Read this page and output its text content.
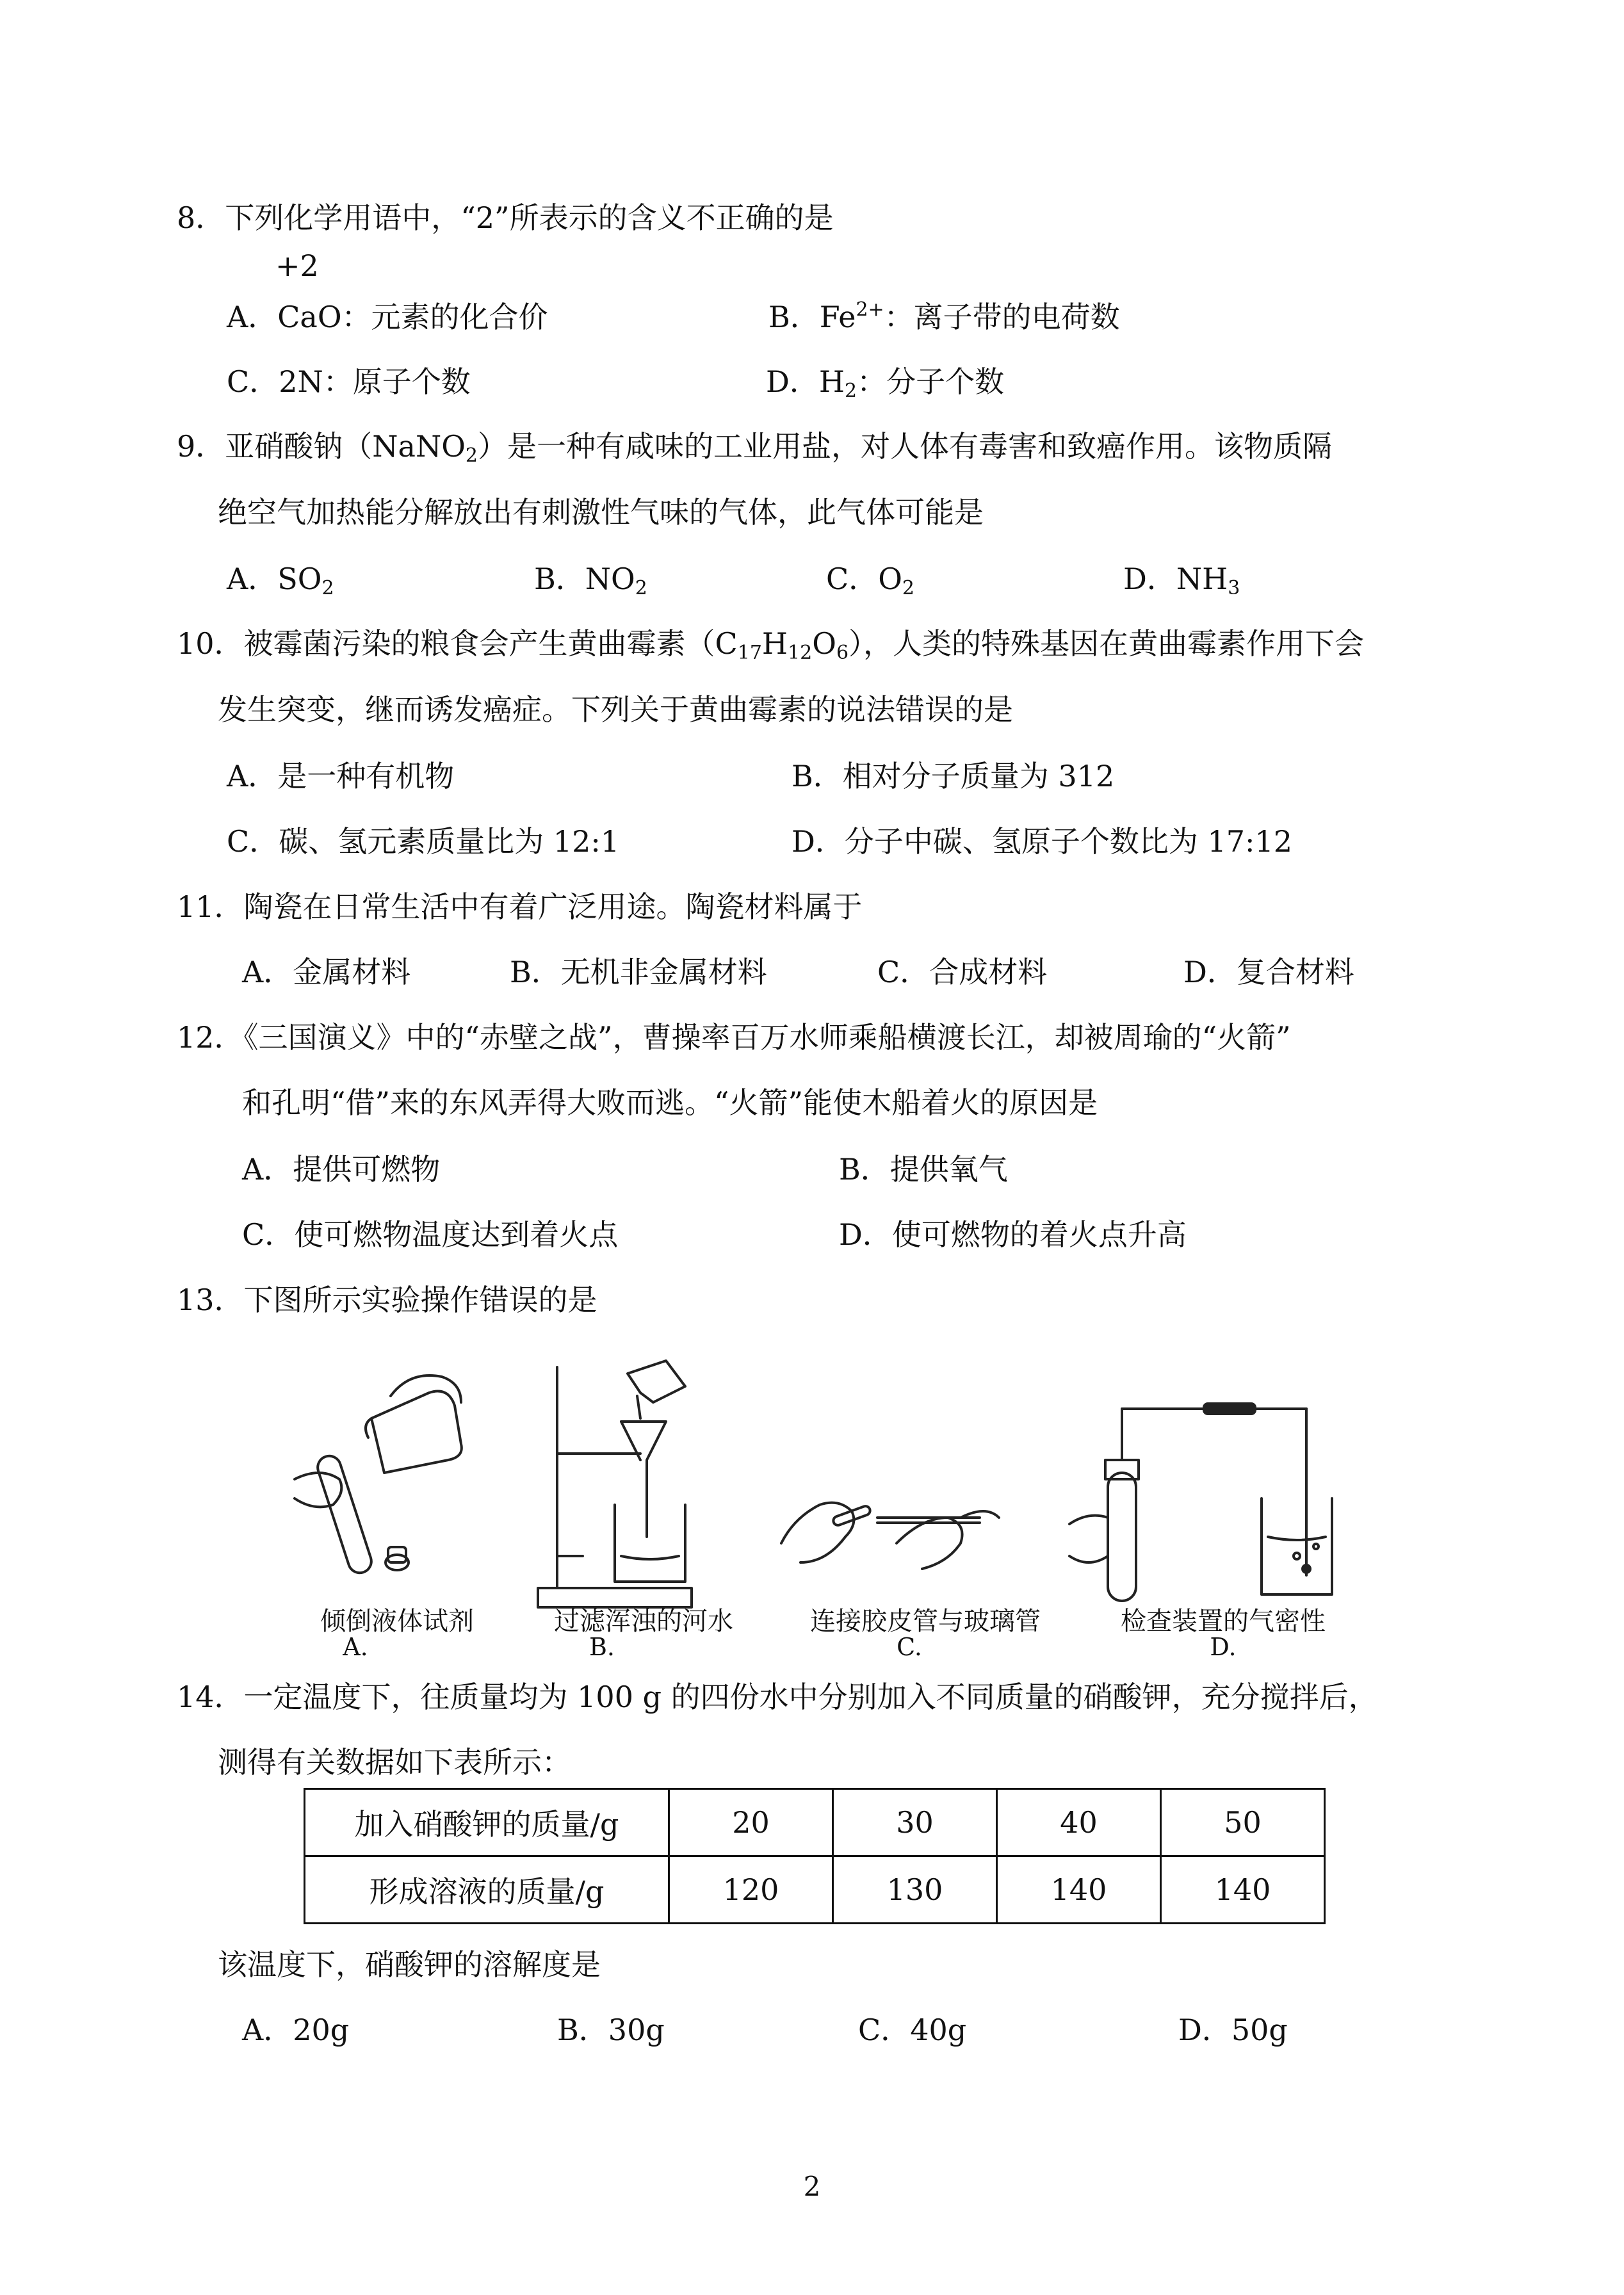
8．下列化学用语中，“2”所表示的含义不正确的是
+2
A．CaO：元素的化合价	B．$Fe^{2+}$：离子带的电荷数
C．2N：原子个数	D．$H_2$：分子个数
9．亚硝酸钠（NaNO$_2$）是一种有咸味的工业用盐，对人体有毒害和致癌作用。该物质隔
绝空气加热能分解放出有刺激性气味的气体，此气体可能是
A．$SO_2$	B．$NO_2$	C．$O_2$	D．$NH_3$
10．被霉菌污染的粮食会产生黄曲霉素$(C_{17}H_{12}O_6)$，人类的特殊基因在黄曲霉素作用下会
发生突变，继而诱发癌症。下列关于黄曲霉素的说法错误的是
A．是一种有机物	B．相对分子质量为 312
C．碳、氢元素质量比为 12:1	D．分子中碳、氢原子个数比为 17:12
11．陶瓷在日常生活中有着广泛用途。陶瓷材料属于
A．金属材料	B．无机非金属材料	C．合成材料	D．复合材料
12．《三国演义》中的“赤壁之战”，曹操率百万水师乘船横渡长江，却被周瑜的“火箭”
和孔明“借”来的东风弄得大败而逃。“火箭”能使木船着火的原因是
A．提供可燃物	B．提供氧气
C．使可燃物温度达到着火点	D．使可燃物的着火点升高
13．下图所示实验操作错误的是
倾倒液体试剂	过滤浑浊的河水	连接胶皮管与玻璃管	检查装置的气密性
A.	B.	C.	D.
14．一定温度下，往质量均为 100 g 的四份水中分别加入不同质量的硝酸钾，充分搅拌后，
测得有关数据如下表所示：
加入硝酸钾的质量/g	20	30	40	50
形成溶液的质量/g	120	130	140	140
该温度下，硝酸钾的溶解度是
A．20g	B．30g	C．40g	D．50g
2
